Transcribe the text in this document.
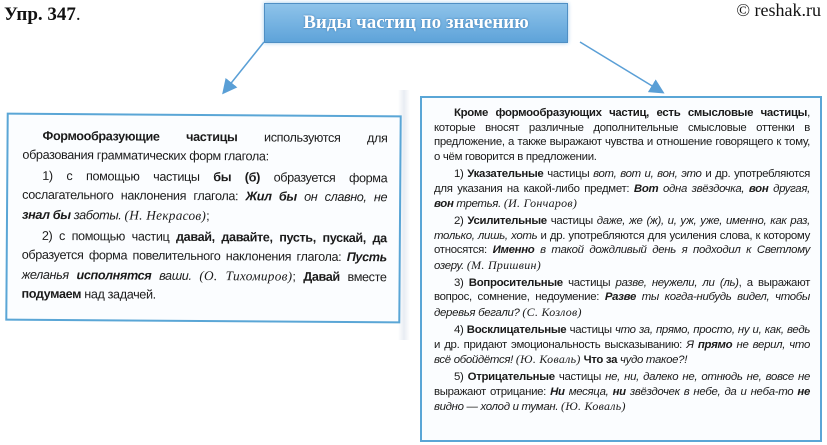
Упр. 347.	© reshak.ru
Виды частиц по значению

Формообразующие частицы используются для образования грамматических форм глагола:

1) с помощью частицы бы (б) образуется форма сослагательного наклонения глагола: Жил бы он славно, не знал бы заботы. (Н. Некрасов);

2) с помощью частиц давай, давайте, пусть, пускай, да образуется форма повелительного наклонения глагола: Пусть желанья исполнятся ваши. (О. Тихомиров); Давай вместе подумаем над задачей.

Кроме формообразующих частиц, есть смысловые частицы, которые вносят различные дополнительные смысловые оттенки в предложение, а также выражают чувства и отношение говорящего к тому, о чём говорится в предложении.

1) Указательные частицы вот, вот и, вон, это и др. употребляются для указания на какой-либо предмет: Вот одна звёздочка, вон другая, вон третья. (И. Гончаров)

2) Усилительные частицы даже, же (ж), и, уж, уже, именно, как раз, только, лишь, хоть и др. употребляются для усиления слова, к которому относятся: Именно в такой дождливый день я подходил к Светлому озеру. (М. Пришвин)

3) Вопросительные частицы разве, неужели, ли (ль), а выражают вопрос, сомнение, недоумение: Разве ты когда-нибудь видел, чтобы деревья бегали? (С. Козлов)

4) Восклицательные частицы что за, прямо, просто, ну и, как, ведь и др. придают эмоциональность высказыванию: Я прямо не верил, что всё обойдётся! (Ю. Коваль) Что за чудо такое?!

5) Отрицательные частицы не, ни, далеко не, отнюдь не, вовсе не выражают отрицание: Ни месяца, ни звёздочек в небе, да и неба-то не видно — холод и туман. (Ю. Коваль)
